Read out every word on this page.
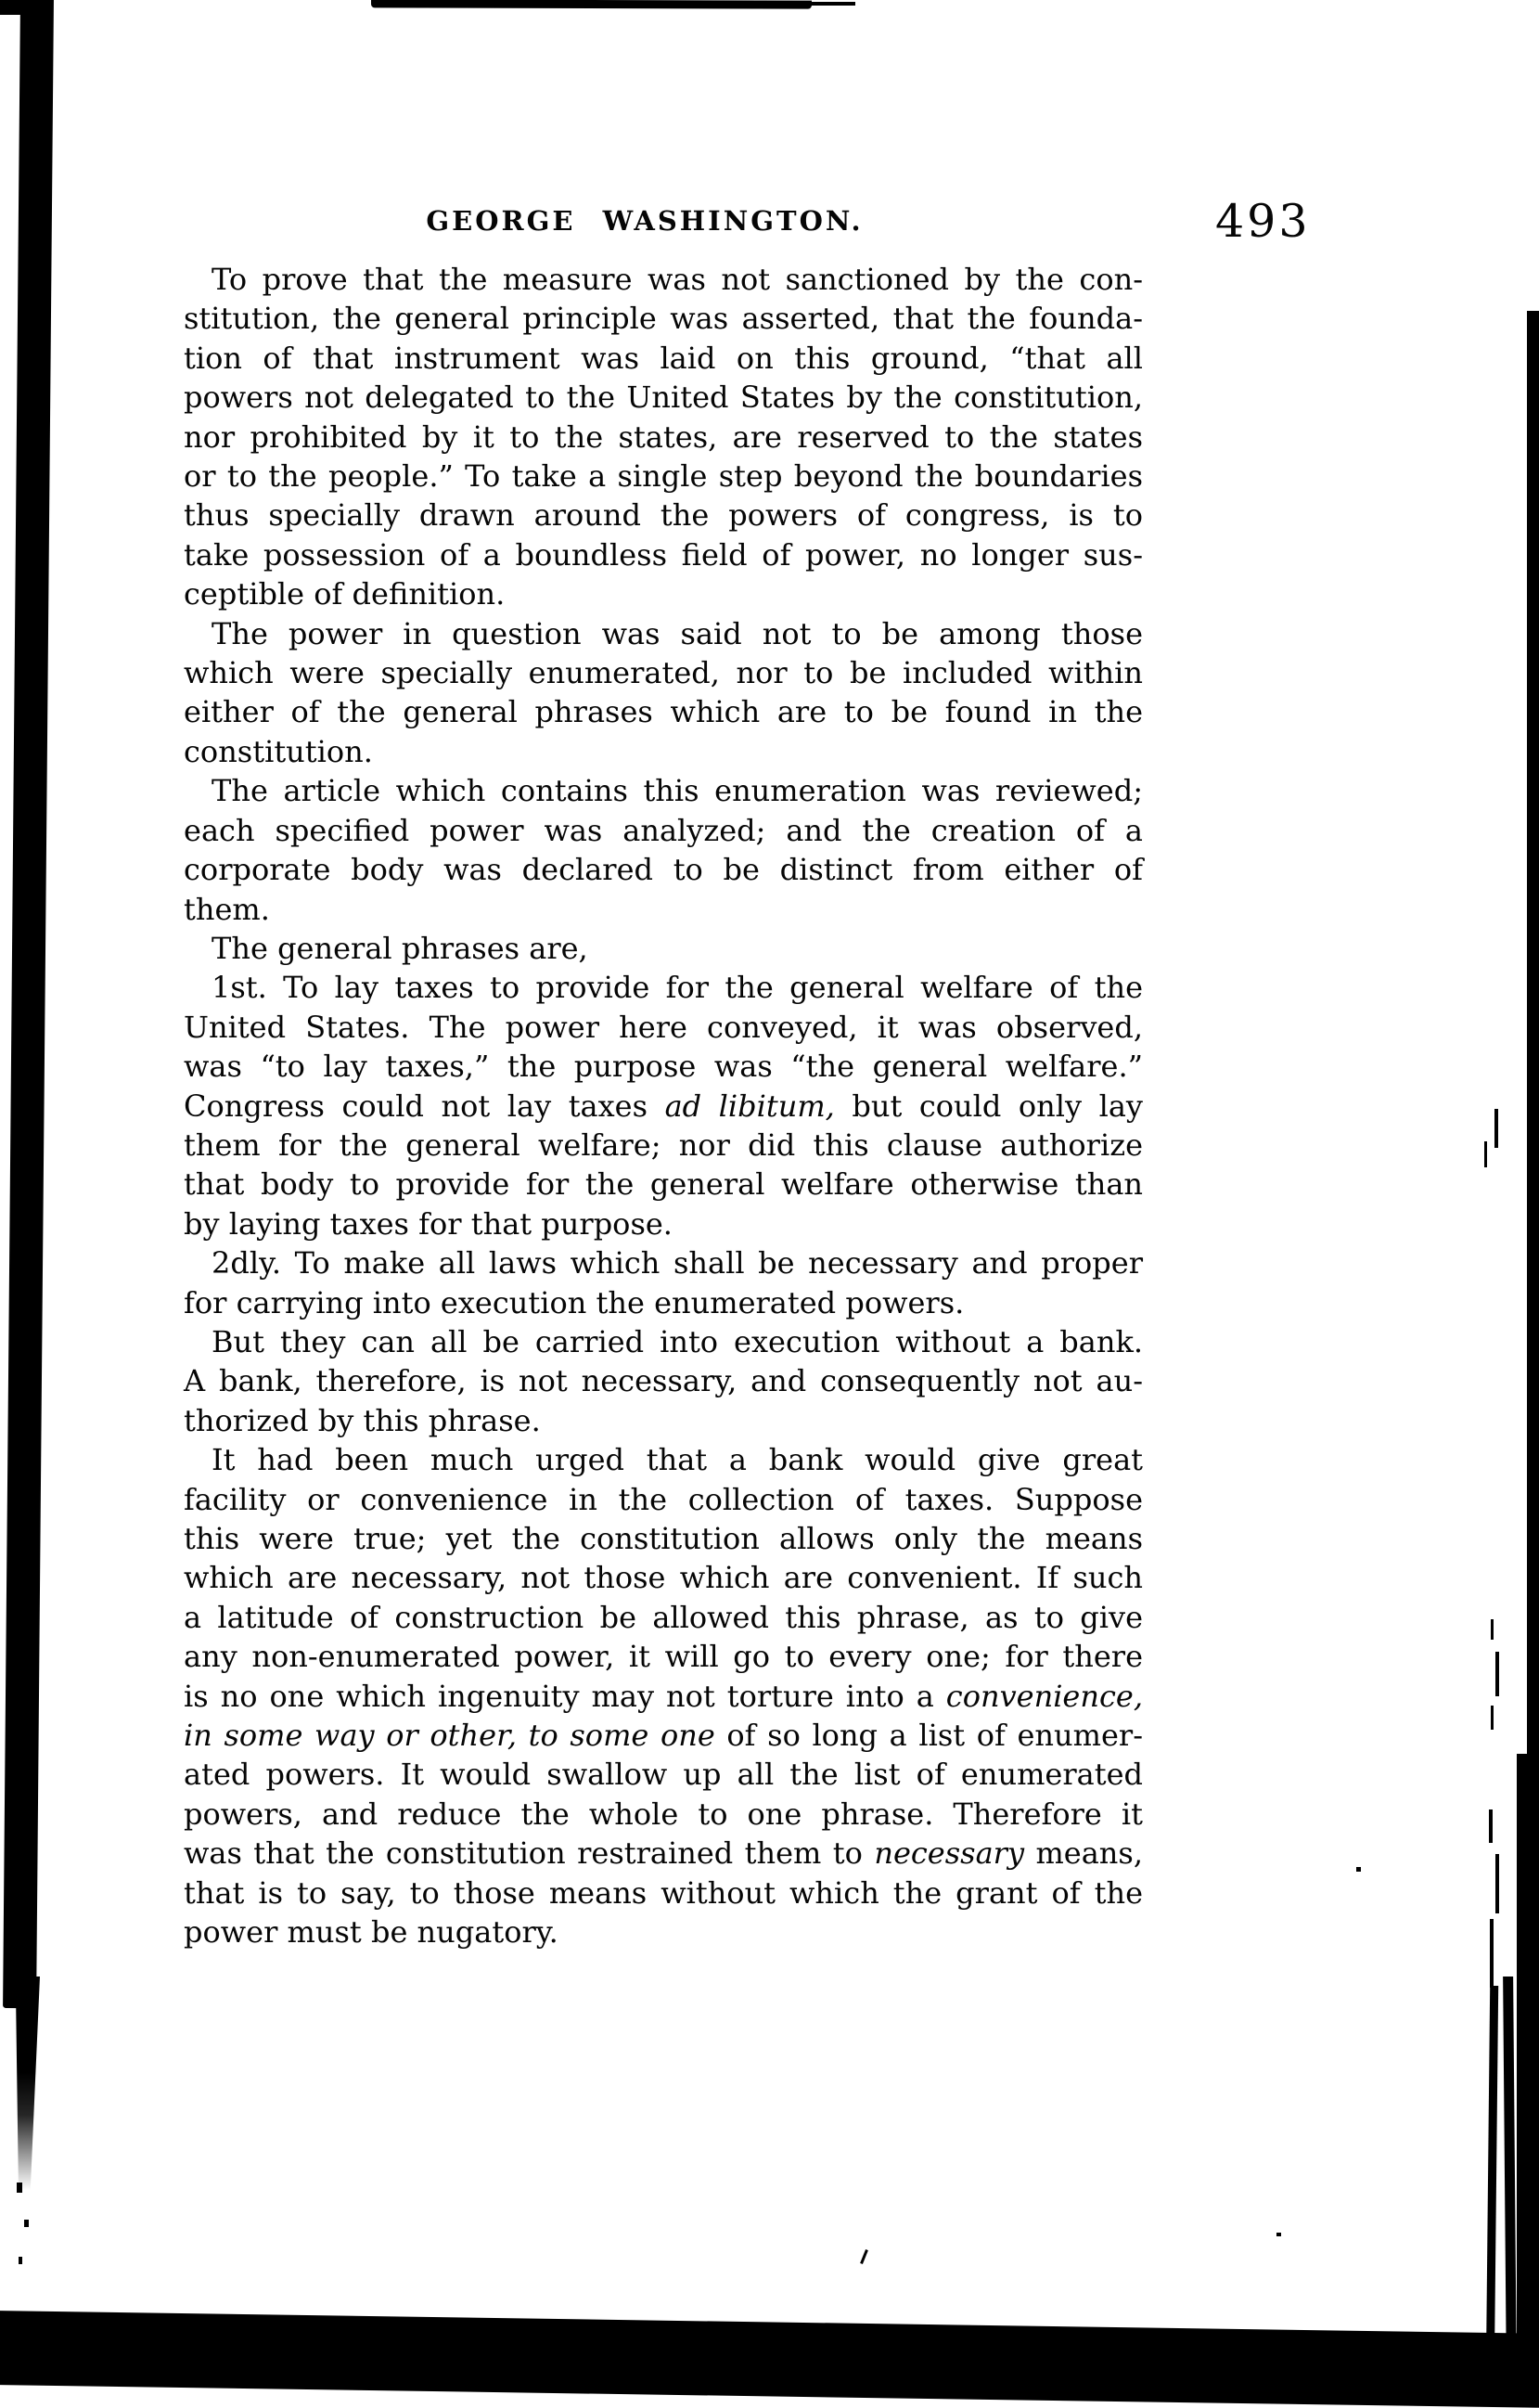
GEORGE WASHINGTON.	493
To prove that the measure was not sanctioned by the con-
stitution, the general principle was asserted, that the founda-
tion of that instrument was laid on this ground, “that all
powers not delegated to the United States by the constitution,
nor prohibited by it to the states, are reserved to the states
or to the people.” To take a single step beyond the boundaries
thus specially drawn around the powers of congress, is to
take possession of a boundless field of power, no longer sus-
ceptible of definition.
The power in question was said not to be among those
which were specially enumerated, nor to be included within
either of the general phrases which are to be found in the
constitution.
The article which contains this enumeration was reviewed;
each specified power was analyzed; and the creation of a
corporate body was declared to be distinct from either of
them.
The general phrases are,
1st. To lay taxes to provide for the general welfare of the
United States. The power here conveyed, it was observed,
was “to lay taxes,” the purpose was “the general welfare.”
Congress could not lay taxes ad libitum, but could only lay
them for the general welfare; nor did this clause authorize
that body to provide for the general welfare otherwise than
by laying taxes for that purpose.
2dly. To make all laws which shall be necessary and proper
for carrying into execution the enumerated powers.
But they can all be carried into execution without a bank.
A bank, therefore, is not necessary, and consequently not au-
thorized by this phrase.
It had been much urged that a bank would give great
facility or convenience in the collection of taxes. Suppose
this were true; yet the constitution allows only the means
which are necessary, not those which are convenient. If such
a latitude of construction be allowed this phrase, as to give
any non-enumerated power, it will go to every one; for there
is no one which ingenuity may not torture into a convenience,
in some way or other, to some one of so long a list of enumer-
ated powers. It would swallow up all the list of enumerated
powers, and reduce the whole to one phrase. Therefore it
was that the constitution restrained them to necessary means,
that is to say, to those means without which the grant of the
power must be nugatory.
